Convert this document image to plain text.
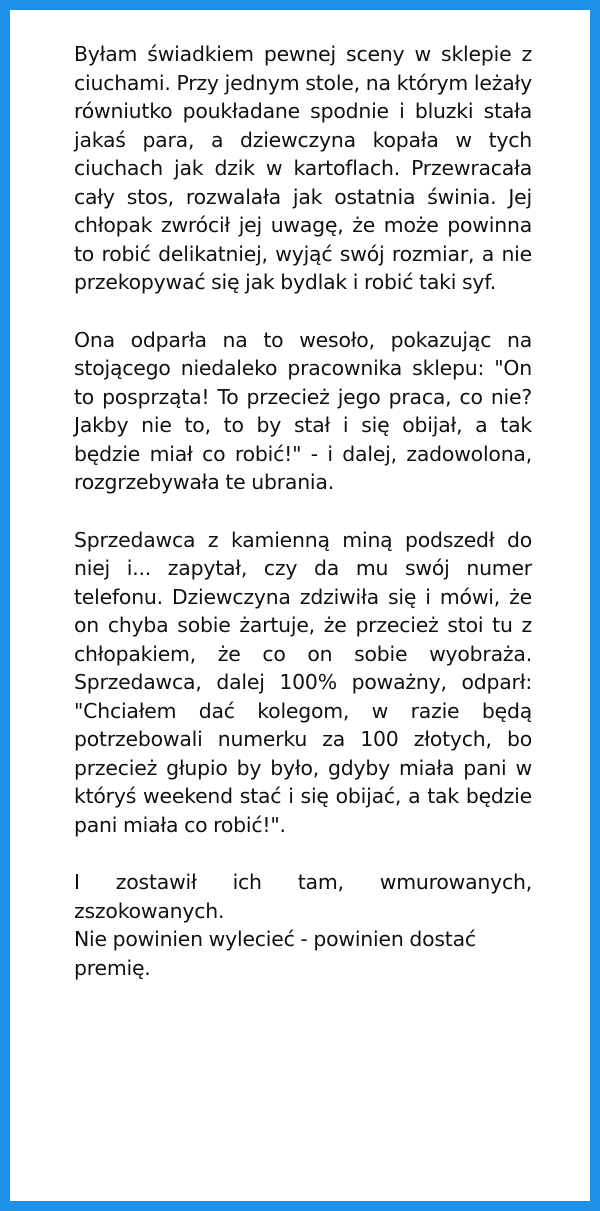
Byłam świadkiem pewnej sceny w sklepie z ciuchami. Przy jednym stole, na którym leżały równiutko poukładane spodnie i bluzki stała jakaś para, a dziewczyna kopała w tych ciuchach jak dzik w kartoflach. Przewracała cały stos, rozwalała jak ostatnia świnia. Jej chłopak zwrócił jej uwagę, że może powinna to robić delikatniej, wyjąć swój rozmiar, a nie przekopywać się jak bydlak i robić taki syf.

Ona odparła na to wesoło, pokazując na stojącego niedaleko pracownika sklepu: "On to posprząta! To przecież jego praca, co nie? Jakby nie to, to by stał i się obijał, a tak będzie miał co robić!" - i dalej, zadowolona, rozgrzebywała te ubrania.

Sprzedawca z kamienną miną podszedł do niej i... zapytał, czy da mu swój numer telefonu. Dziewczyna zdziwiła się i mówi, że on chyba sobie żartuje, że przecież stoi tu z chłopakiem, że co on sobie wyobraża. Sprzedawca, dalej 100% poważny, odparł: "Chciałem dać kolegom, w razie będą potrzebowali numerku za 100 złotych, bo przecież głupio by było, gdyby miała pani w któryś weekend stać i się obijać, a tak będzie pani miała co robić!".

I zostawił ich tam, wmurowanych, zszokowanych.

Nie powinien wylecieć - powinien dostać premię.
